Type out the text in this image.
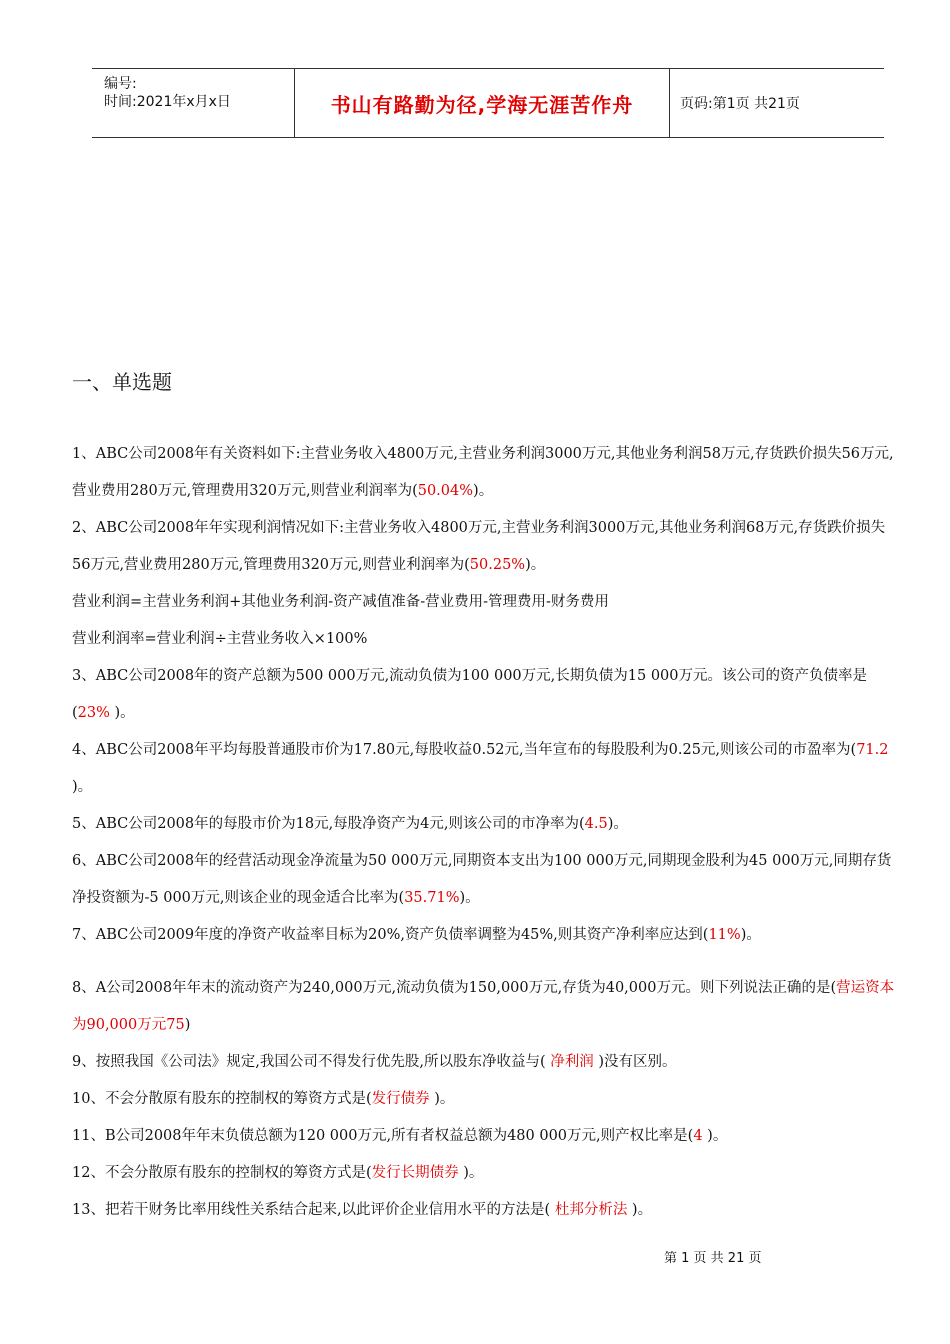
编号:
时间:2021年x月x日	书山有路勤为径,学海无涯苦作舟	页码:第1页 共21页
一、单选题

1、ABC公司2008年有关资料如下:主营业务收入4800万元,主营业务利润3000万元,其他业务利润58万元,存货跌价损失56万元,营业费用280万元,管理费用320万元,则营业利润率为(50.04%)。

2、ABC公司2008年年实现利润情况如下:主营业务收入4800万元,主营业务利润3000万元,其他业务利润68万元,存货跌价损失56万元,营业费用280万元,管理费用320万元,则营业利润率为(50.25%)。

营业利润=主营业务利润+其他业务利润-资产减值准备-营业费用-管理费用-财务费用

营业利润率=营业利润÷主营业务收入×100%

3、ABC公司2008年的资产总额为500 000万元,流动负债为100 000万元,长期负债为15 000万元。该公司的资产负债率是(23% )。

4、ABC公司2008年平均每股普通股市价为17.80元,每股收益0.52元,当年宣布的每股股利为0.25元,则该公司的市盈率为(71.2 )。

5、ABC公司2008年的每股市价为18元,每股净资产为4元,则该公司的市净率为(4.5)。

6、ABC公司2008年的经营活动现金净流量为50 000万元,同期资本支出为100 000万元,同期现金股利为45 000万元,同期存货净投资额为-5 000万元,则该企业的现金适合比率为(35.71%)。

7、ABC公司2009年度的净资产收益率目标为20%,资产负债率调整为45%,则其资产净利率应达到(11%)。

8、A公司2008年年末的流动资产为240,000万元,流动负债为150,000万元,存货为40,000万元。则下列说法正确的是(营运资本为90,000万元75)

9、按照我国《公司法》规定,我国公司不得发行优先股,所以股东净收益与( 净利润 )没有区别。

10、不会分散原有股东的控制权的筹资方式是(发行债券 )。

11、B公司2008年年末负债总额为120 000万元,所有者权益总额为480 000万元,则产权比率是(4 )。

12、不会分散原有股东的控制权的筹资方式是(发行长期债券 )。

13、把若干财务比率用线性关系结合起来,以此评价企业信用水平的方法是( 杜邦分析法 )。

第 1 页 共 21 页
